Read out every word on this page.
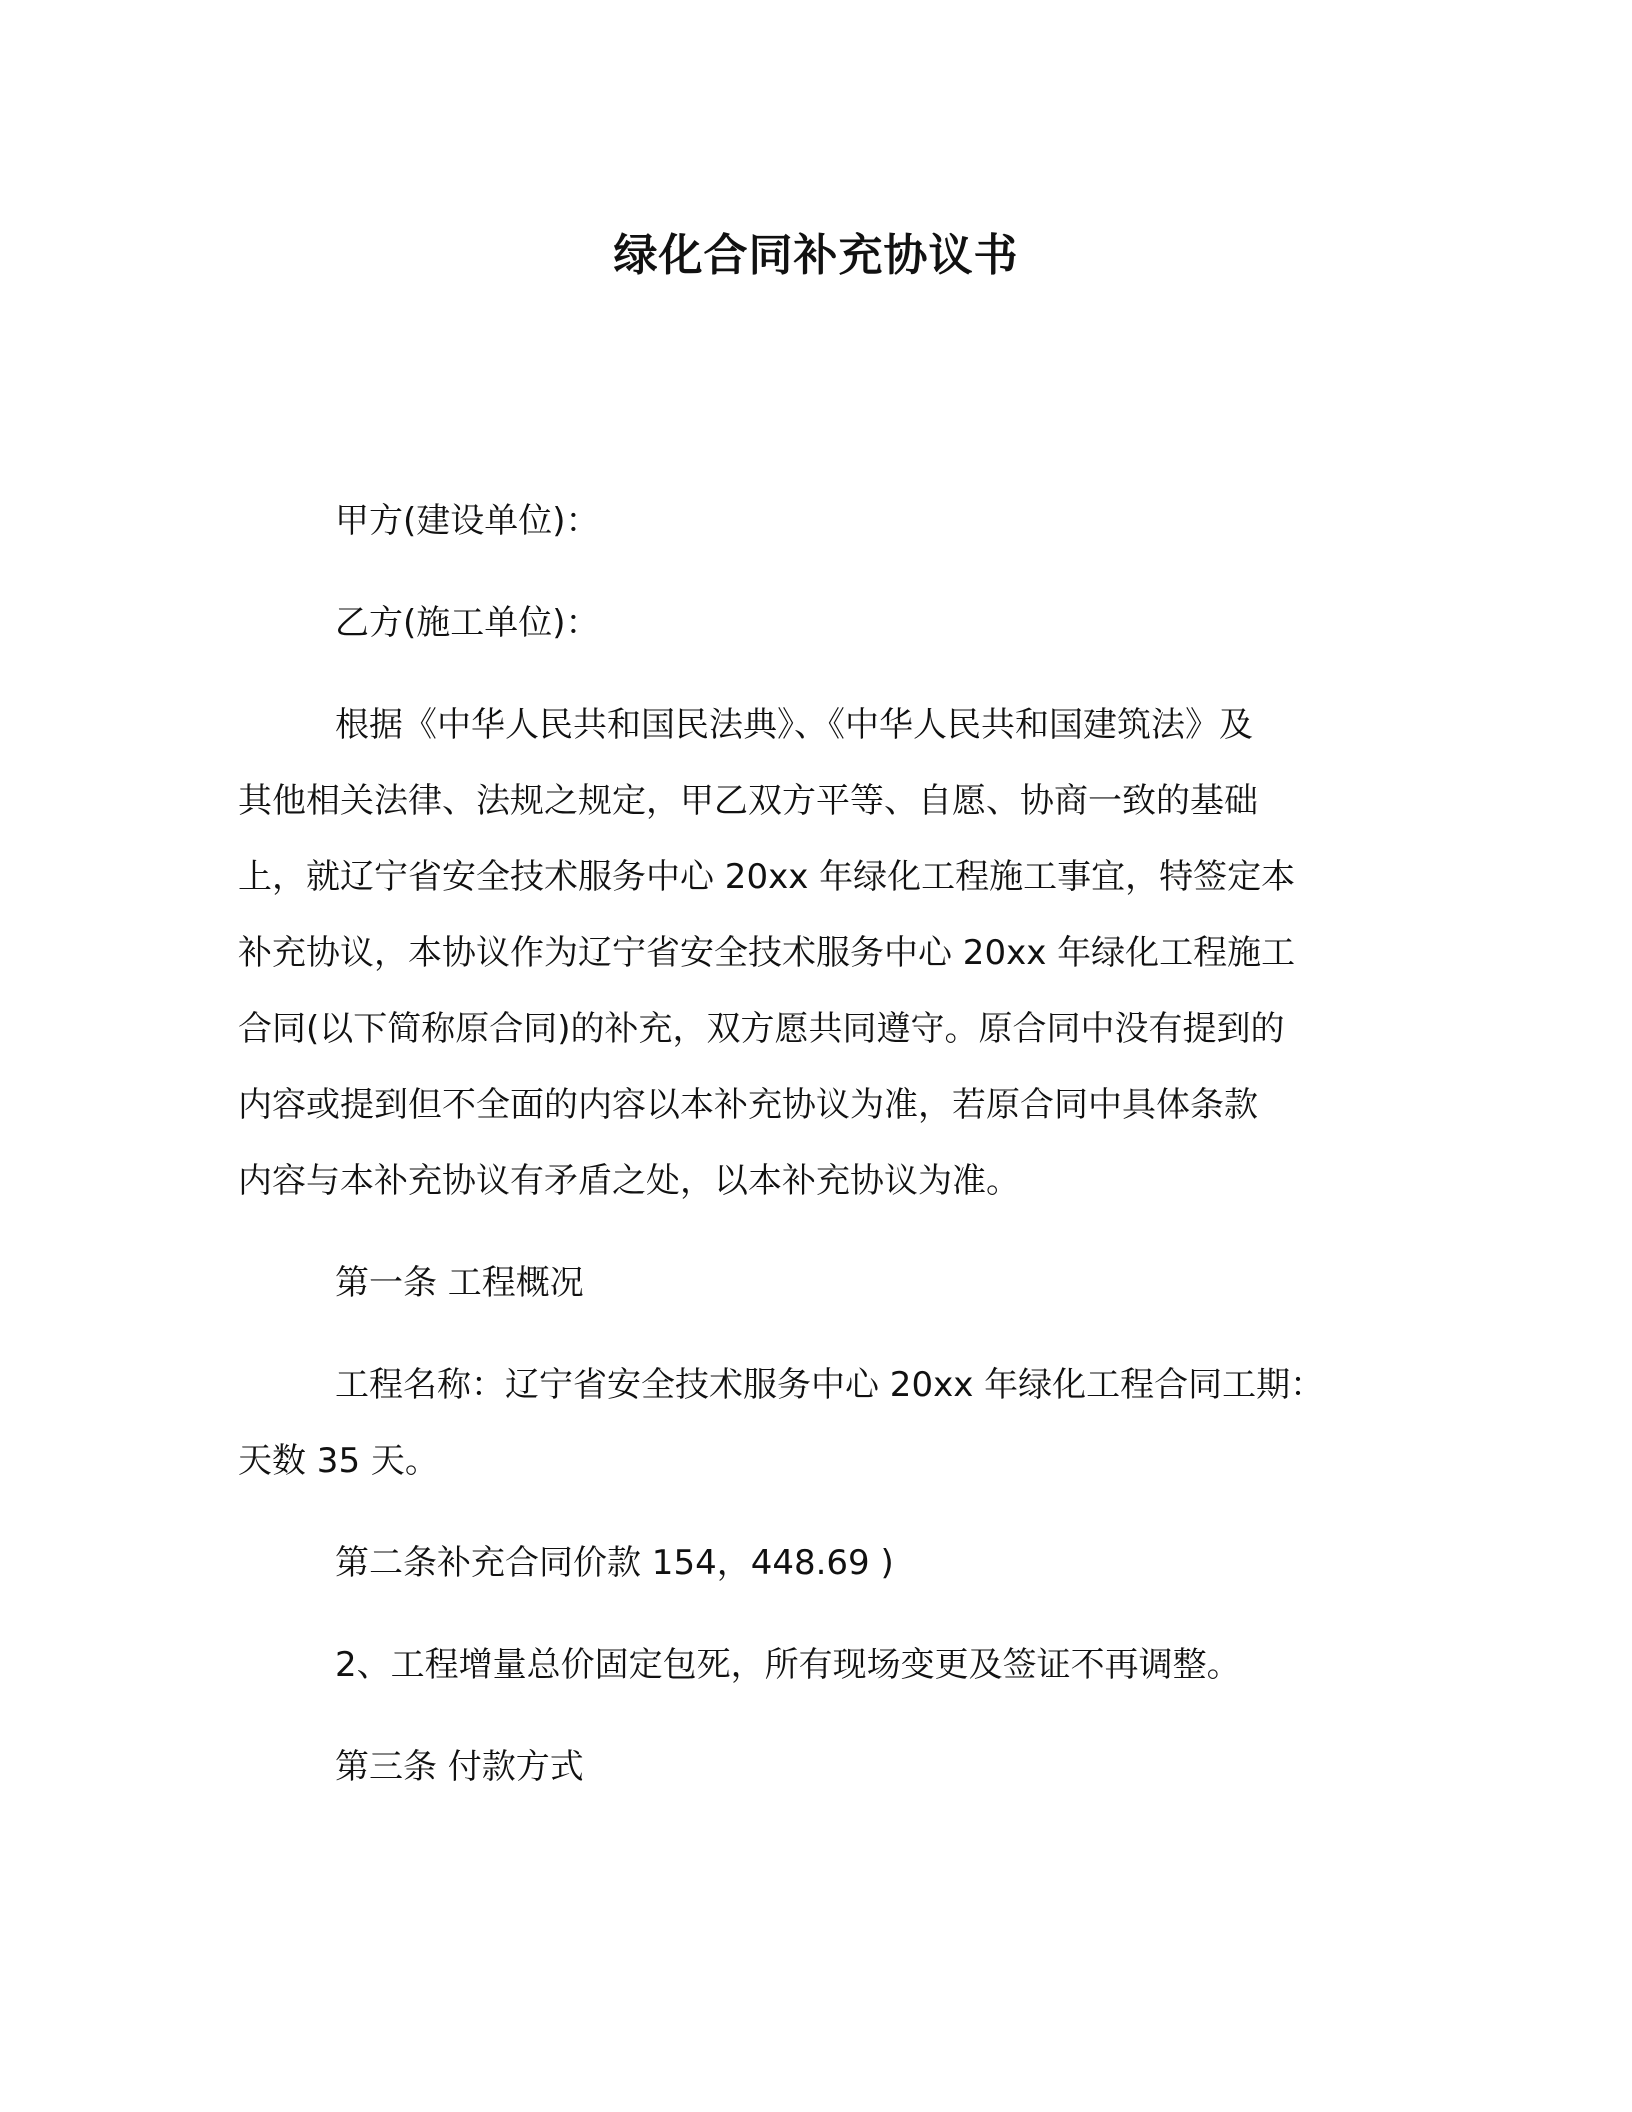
绿化合同补充协议书
甲方(建设单位)：
乙方(施工单位)：
根据《中华人民共和国民法典》、《中华人民共和国建筑法》及
其他相关法律、法规之规定，甲乙双方平等、自愿、协商一致的基础
上，就辽宁省安全技术服务中心 20xx 年绿化工程施工事宜，特签定本
补充协议，本协议作为辽宁省安全技术服务中心 20xx 年绿化工程施工
合同(以下简称原合同)的补充，双方愿共同遵守。原合同中没有提到的
内容或提到但不全面的内容以本补充协议为准，若原合同中具体条款
内容与本补充协议有矛盾之处，以本补充协议为准。
第一条 工程概况
工程名称：辽宁省安全技术服务中心 20xx 年绿化工程合同工期：
天数 35 天。
第二条补充合同价款 154，448.69 )
2、工程增量总价固定包死，所有现场变更及签证不再调整。
第三条 付款方式
